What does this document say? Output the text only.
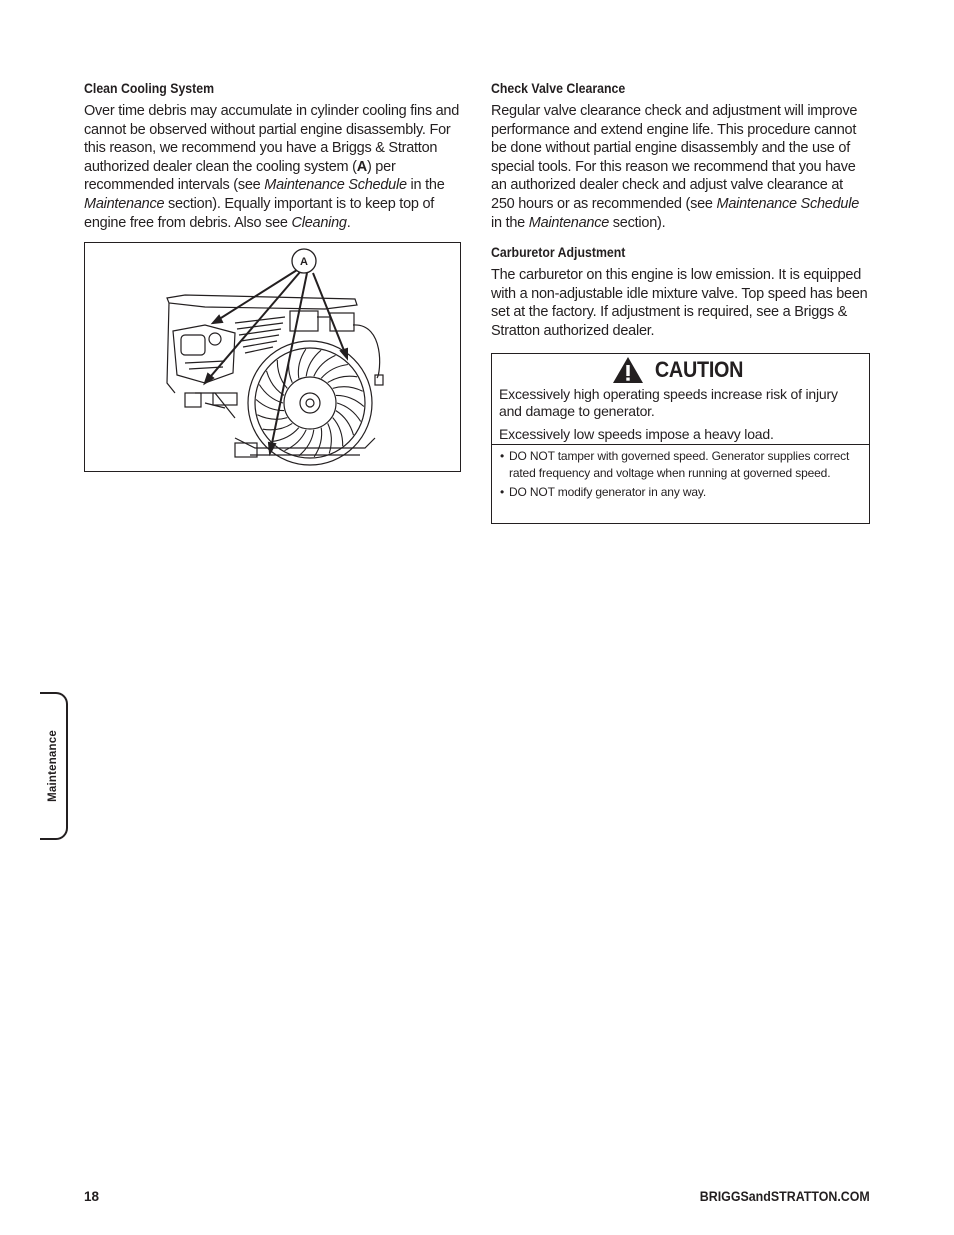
Clean Cooling System

Over time debris may accumulate in cylinder cooling fins and cannot be observed without partial engine disassembly. For this reason, we recommend you have a Briggs & Stratton authorized dealer clean the cooling system (A) per recommended intervals (see Maintenance Schedule in the Maintenance section). Equally important is to keep top of engine free from debris. Also see Cleaning.

A
Check Valve Clearance

Regular valve clearance check and adjustment will improve performance and extend engine life. This procedure cannot be done without partial engine disassembly and the use of special tools. For this reason we recommend that you have an authorized dealer check and adjust valve clearance at 250 hours or as recommended (see Maintenance Schedule in the Maintenance section).

Carburetor Adjustment

The carburetor on this engine is low emission. It is equipped with a non-adjustable idle mixture valve. Top speed has been set at the factory. If adjustment is required, see a Briggs & Stratton authorized dealer.

CAUTION
Excessively high operating speeds increase risk of injury and damage to generator.
Excessively low speeds impose a heavy load.
• DO NOT tamper with governed speed. Generator supplies correct rated frequency and voltage when running at governed speed.
• DO NOT modify generator in any way.
Maintenance
18	BRIGGSandSTRATTON.COM
